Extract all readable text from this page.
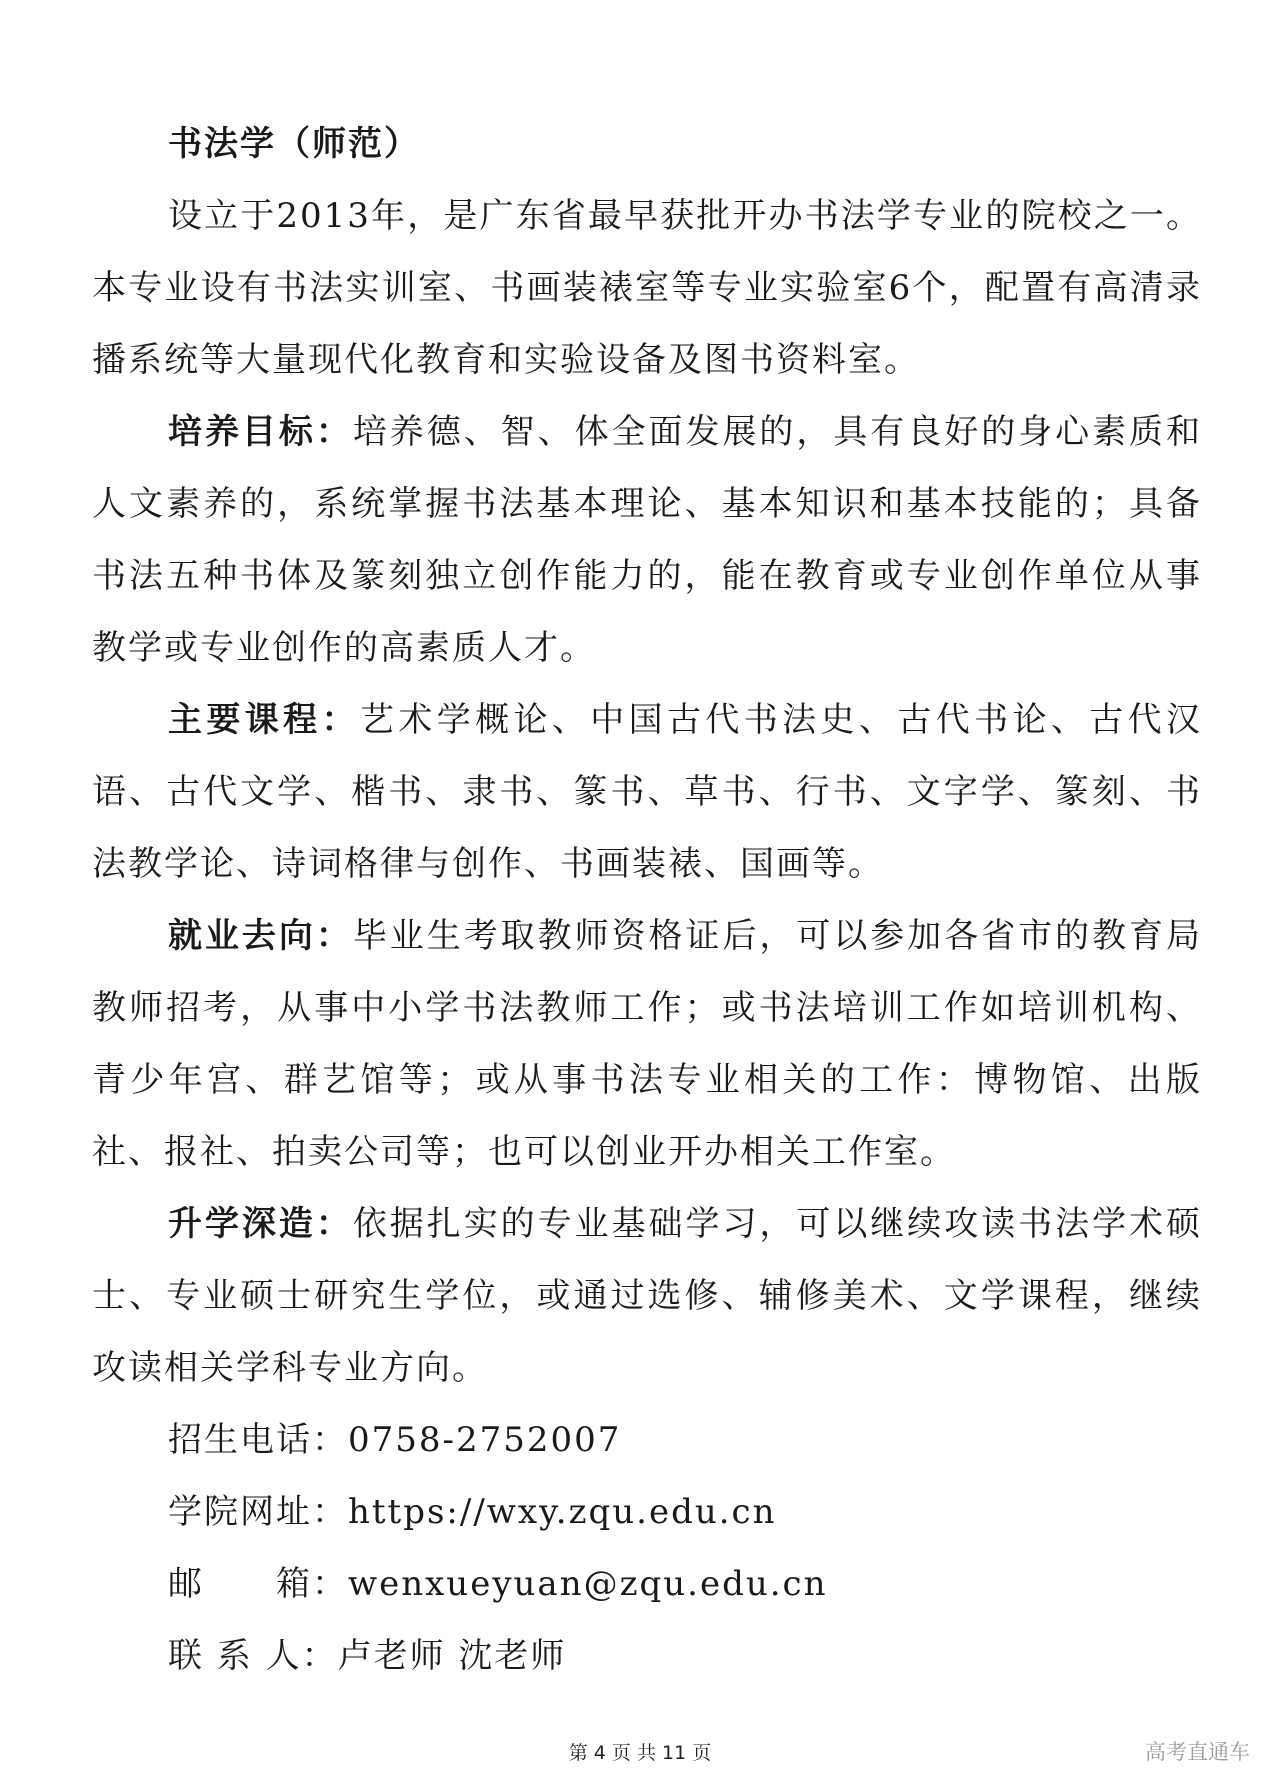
书法学（师范）

设立于2013年，是广东省最早获批开办书法学专业的院校之一。本专业设有书法实训室、书画装裱室等专业实验室6个，配置有高清录播系统等大量现代化教育和实验设备及图书资料室。

培养目标：培养德、智、体全面发展的，具有良好的身心素质和人文素养的，系统掌握书法基本理论、基本知识和基本技能的；具备书法五种书体及篆刻独立创作能力的，能在教育或专业创作单位从事教学或专业创作的高素质人才。

主要课程：艺术学概论、中国古代书法史、古代书论、古代汉语、古代文学、楷书、隶书、篆书、草书、行书、文字学、篆刻、书法教学论、诗词格律与创作、书画装裱、国画等。

就业去向：毕业生考取教师资格证后，可以参加各省市的教育局教师招考，从事中小学书法教师工作；或书法培训工作如培训机构、青少年宫、群艺馆等；或从事书法专业相关的工作：博物馆、出版社、报社、拍卖公司等；也可以创业开办相关工作室。

升学深造：依据扎实的专业基础学习，可以继续攻读书法学术硕士、专业硕士研究生学位，或通过选修、辅修美术、文学课程，继续攻读相关学科专业方向。

招生电话：0758-2752007

学院网址：https://wxy.zqu.edu.cn

邮　　箱：wenxueyuan@zqu.edu.cn

联 系 人：卢老师 沈老师

第 4 页 共 11 页	高考直通车
